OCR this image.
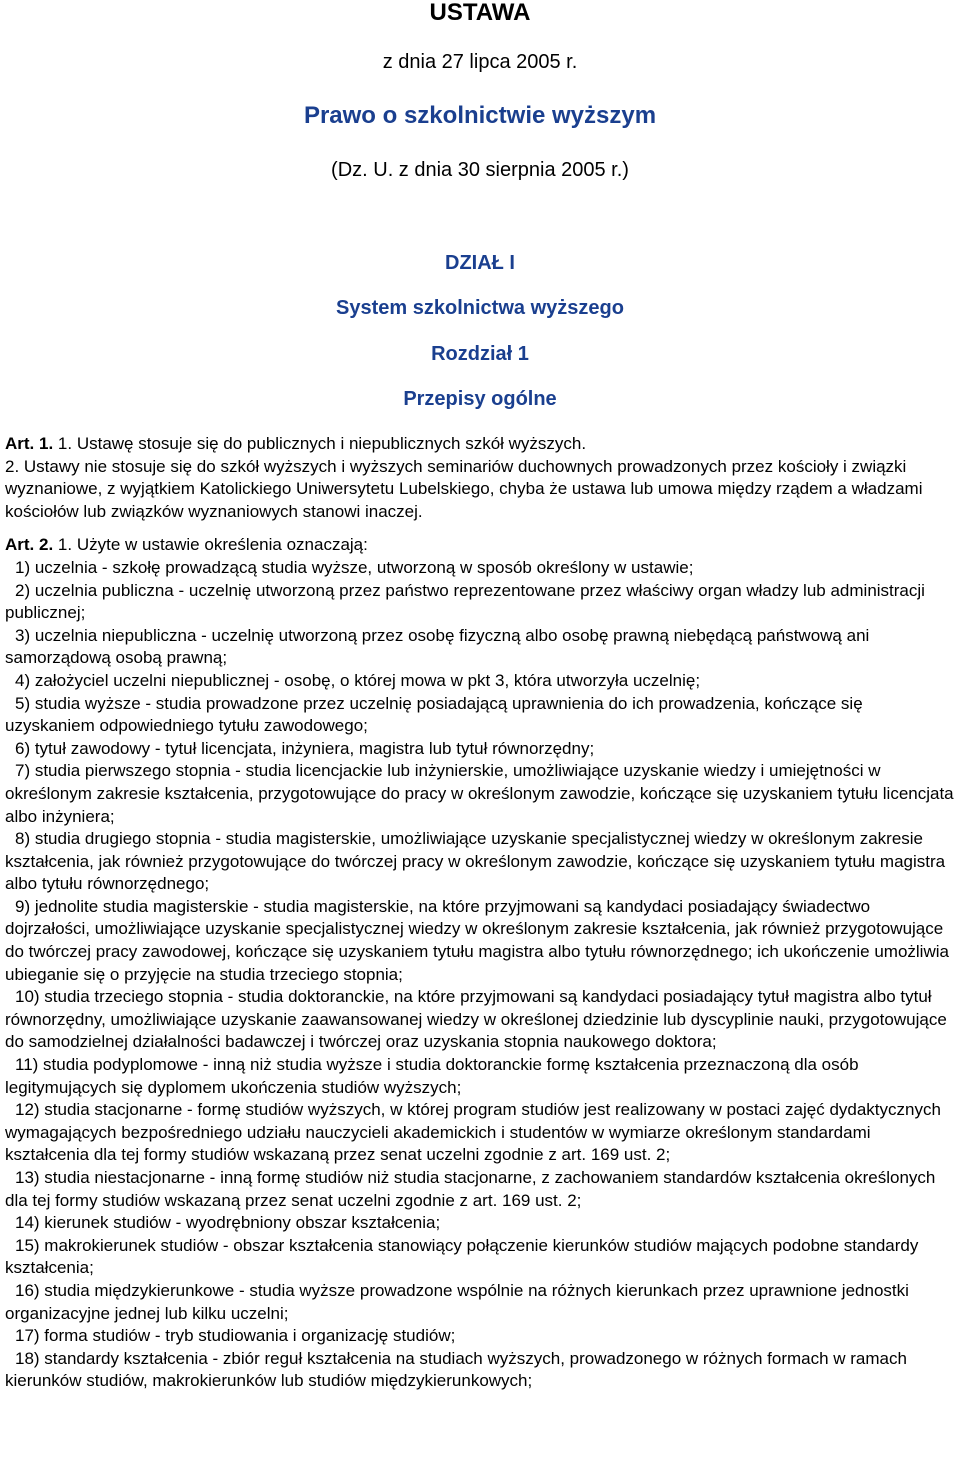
USTAWA
z dnia 27 lipca 2005 r.
Prawo o szkolnictwie wyższym
(Dz. U. z dnia 30 sierpnia 2005 r.)
DZIAŁ I
System szkolnictwa wyższego
Rozdział 1
Przepisy ogólne

Art. 1. 1. Ustawę stosuje się do publicznych i niepublicznych szkół wyższych.

2. Ustawy nie stosuje się do szkół wyższych i wyższych seminariów duchownych prowadzonych przez kościoły i związki wyznaniowe, z wyjątkiem Katolickiego Uniwersytetu Lubelskiego, chyba że ustawa lub umowa między rządem a władzami kościołów lub związków wyznaniowych stanowi inaczej.

Art. 2. 1. Użyte w ustawie określenia oznaczają:

1) uczelnia - szkołę prowadzącą studia wyższe, utworzoną w sposób określony w ustawie;

2) uczelnia publiczna - uczelnię utworzoną przez państwo reprezentowane przez właściwy organ władzy lub administracji publicznej;

3) uczelnia niepubliczna - uczelnię utworzoną przez osobę fizyczną albo osobę prawną niebędącą państwową ani samorządową osobą prawną;

4) założyciel uczelni niepublicznej - osobę, o której mowa w pkt 3, która utworzyła uczelnię;

5) studia wyższe - studia prowadzone przez uczelnię posiadającą uprawnienia do ich prowadzenia, kończące się uzyskaniem odpowiedniego tytułu zawodowego;

6) tytuł zawodowy - tytuł licencjata, inżyniera, magistra lub tytuł równorzędny;

7) studia pierwszego stopnia - studia licencjackie lub inżynierskie, umożliwiające uzyskanie wiedzy i umiejętności w określonym zakresie kształcenia, przygotowujące do pracy w określonym zawodzie, kończące się uzyskaniem tytułu licencjata albo inżyniera;

8) studia drugiego stopnia - studia magisterskie, umożliwiające uzyskanie specjalistycznej wiedzy w określonym zakresie kształcenia, jak również przygotowujące do twórczej pracy w określonym zawodzie, kończące się uzyskaniem tytułu magistra albo tytułu równorzędnego;

9) jednolite studia magisterskie - studia magisterskie, na które przyjmowani są kandydaci posiadający świadectwo dojrzałości, umożliwiające uzyskanie specjalistycznej wiedzy w określonym zakresie kształcenia, jak również przygotowujące do twórczej pracy zawodowej, kończące się uzyskaniem tytułu magistra albo tytułu równorzędnego; ich ukończenie umożliwia ubieganie się o przyjęcie na studia trzeciego stopnia;

10) studia trzeciego stopnia - studia doktoranckie, na które przyjmowani są kandydaci posiadający tytuł magistra albo tytuł równorzędny, umożliwiające uzyskanie zaawansowanej wiedzy w określonej dziedzinie lub dyscyplinie nauki, przygotowujące do samodzielnej działalności badawczej i twórczej oraz uzyskania stopnia naukowego doktora;

11) studia podyplomowe - inną niż studia wyższe i studia doktoranckie formę kształcenia przeznaczoną dla osób legitymujących się dyplomem ukończenia studiów wyższych;

12) studia stacjonarne - formę studiów wyższych, w której program studiów jest realizowany w postaci zajęć dydaktycznych wymagających bezpośredniego udziału nauczycieli akademickich i studentów w wymiarze określonym standardami kształcenia dla tej formy studiów wskazaną przez senat uczelni zgodnie z art. 169 ust. 2;

13) studia niestacjonarne - inną formę studiów niż studia stacjonarne, z zachowaniem standardów kształcenia określonych dla tej formy studiów wskazaną przez senat uczelni zgodnie z art. 169 ust. 2;

14) kierunek studiów - wyodrębniony obszar kształcenia;

15) makrokierunek studiów - obszar kształcenia stanowiący połączenie kierunków studiów mających podobne standardy kształcenia;

16) studia międzykierunkowe - studia wyższe prowadzone wspólnie na różnych kierunkach przez uprawnione jednostki organizacyjne jednej lub kilku uczelni;

17) forma studiów - tryb studiowania i organizację studiów;

18) standardy kształcenia - zbiór reguł kształcenia na studiach wyższych, prowadzonego w różnych formach w ramach kierunków studiów, makrokierunków lub studiów międzykierunkowych;
